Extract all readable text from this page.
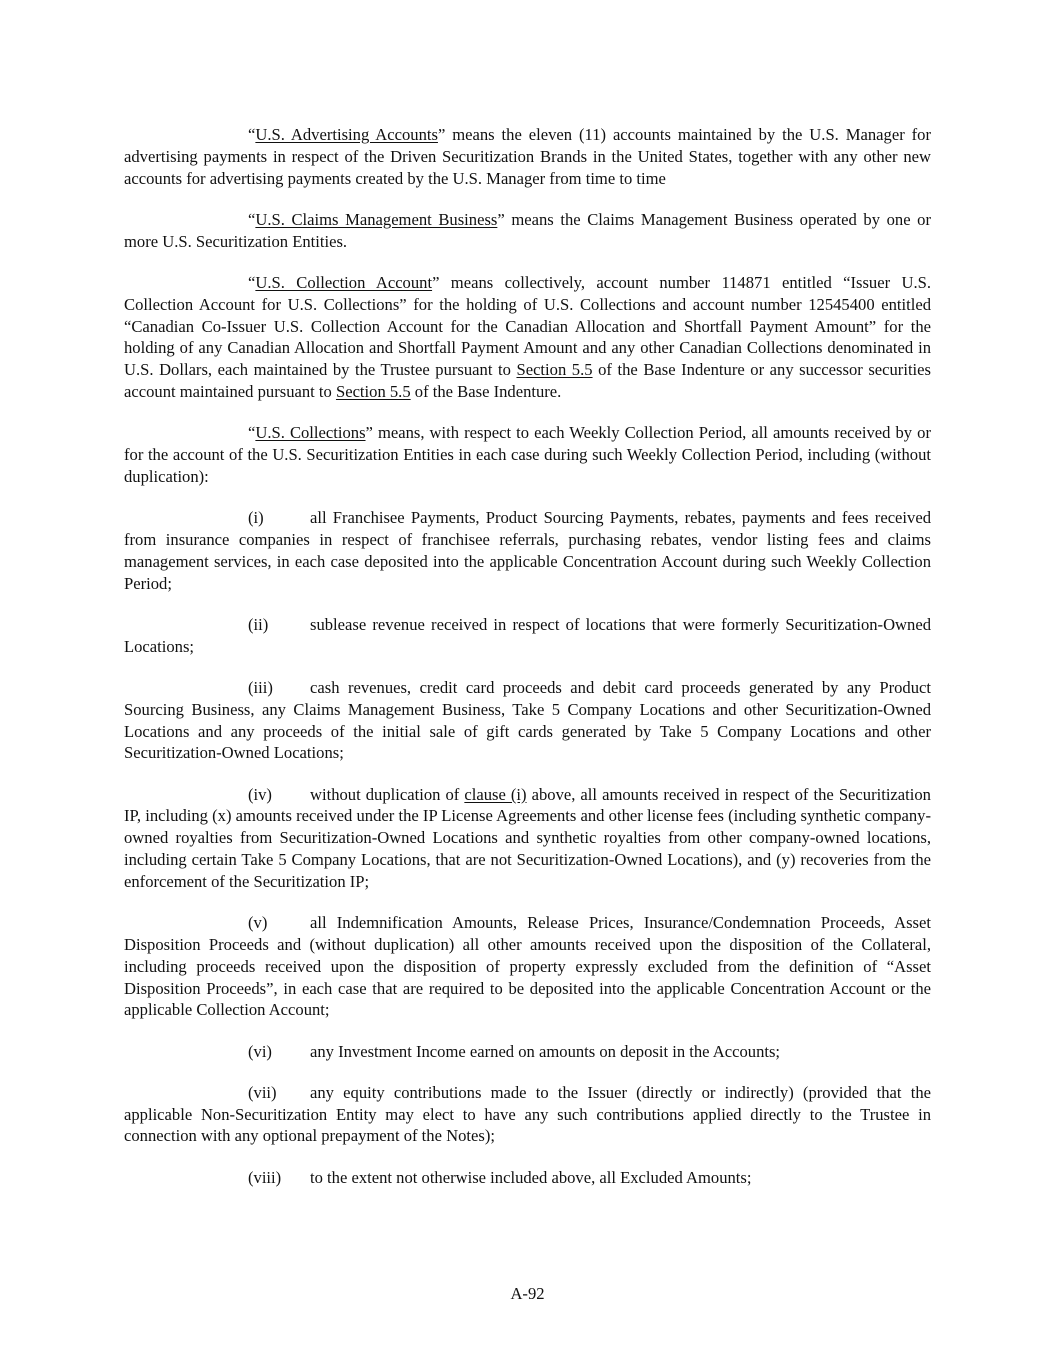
“U.S. Advertising Accounts” means the eleven (11) accounts maintained by the U.S. Manager for advertising payments in respect of the Driven Securitization Brands in the United States, together with any other new accounts for advertising payments created by the U.S. Manager from time to time

“U.S. Claims Management Business” means the Claims Management Business operated by one or more U.S. Securitization Entities.

“U.S. Collection Account” means collectively, account number 114871 entitled “Issuer U.S. Collection Account for U.S. Collections” for the holding of U.S. Collections and account number 12545400 entitled “Canadian Co-Issuer U.S. Collection Account for the Canadian Allocation and Shortfall Payment Amount” for the holding of any Canadian Allocation and Shortfall Payment Amount and any other Canadian Collections denominated in U.S. Dollars, each maintained by the Trustee pursuant to Section 5.5 of the Base Indenture or any successor securities account maintained pursuant to Section 5.5 of the Base Indenture.

“U.S. Collections” means, with respect to each Weekly Collection Period, all amounts received by or for the account of the U.S. Securitization Entities in each case during such Weekly Collection Period, including (without duplication):

(i)	all Franchisee Payments, Product Sourcing Payments, rebates, payments and fees received from insurance companies in respect of franchisee referrals, purchasing rebates, vendor listing fees and claims management services, in each case deposited into the applicable Concentration Account during such Weekly Collection Period;

(ii)	sublease revenue received in respect of locations that were formerly Securitization-Owned Locations;

(iii) cash revenues, credit card proceeds and debit card proceeds generated by any Product Sourcing Business, any Claims Management Business, Take 5 Company Locations and other Securitization-Owned Locations and any proceeds of the initial sale of gift cards generated by Take 5 Company Locations and other Securitization-Owned Locations;

(iv) without duplication of clause (i) above, all amounts received in respect of the Securitization IP, including (x) amounts received under the IP License Agreements and other license fees (including synthetic company-owned royalties from Securitization-Owned Locations and synthetic royalties from other company-owned locations, including certain Take 5 Company Locations, that are not Securitization-Owned Locations), and (y) recoveries from the enforcement of the Securitization IP;

(v)	all Indemnification Amounts, Release Prices, Insurance/Condemnation Proceeds, Asset Disposition Proceeds and (without duplication) all other amounts received upon the disposition of the Collateral, including proceeds received upon the disposition of property expressly excluded from the definition of “Asset Disposition Proceeds”, in each case that are required to be deposited into the applicable Concentration Account or the applicable Collection Account;

(vi) any Investment Income earned on amounts on deposit in the Accounts;

(vii) any equity contributions made to the Issuer (directly or indirectly) (provided that the applicable Non-Securitization Entity may elect to have any such contributions applied directly to the Trustee in connection with any optional prepayment of the Notes);

(viii) to the extent not otherwise included above, all Excluded Amounts;

A-92
